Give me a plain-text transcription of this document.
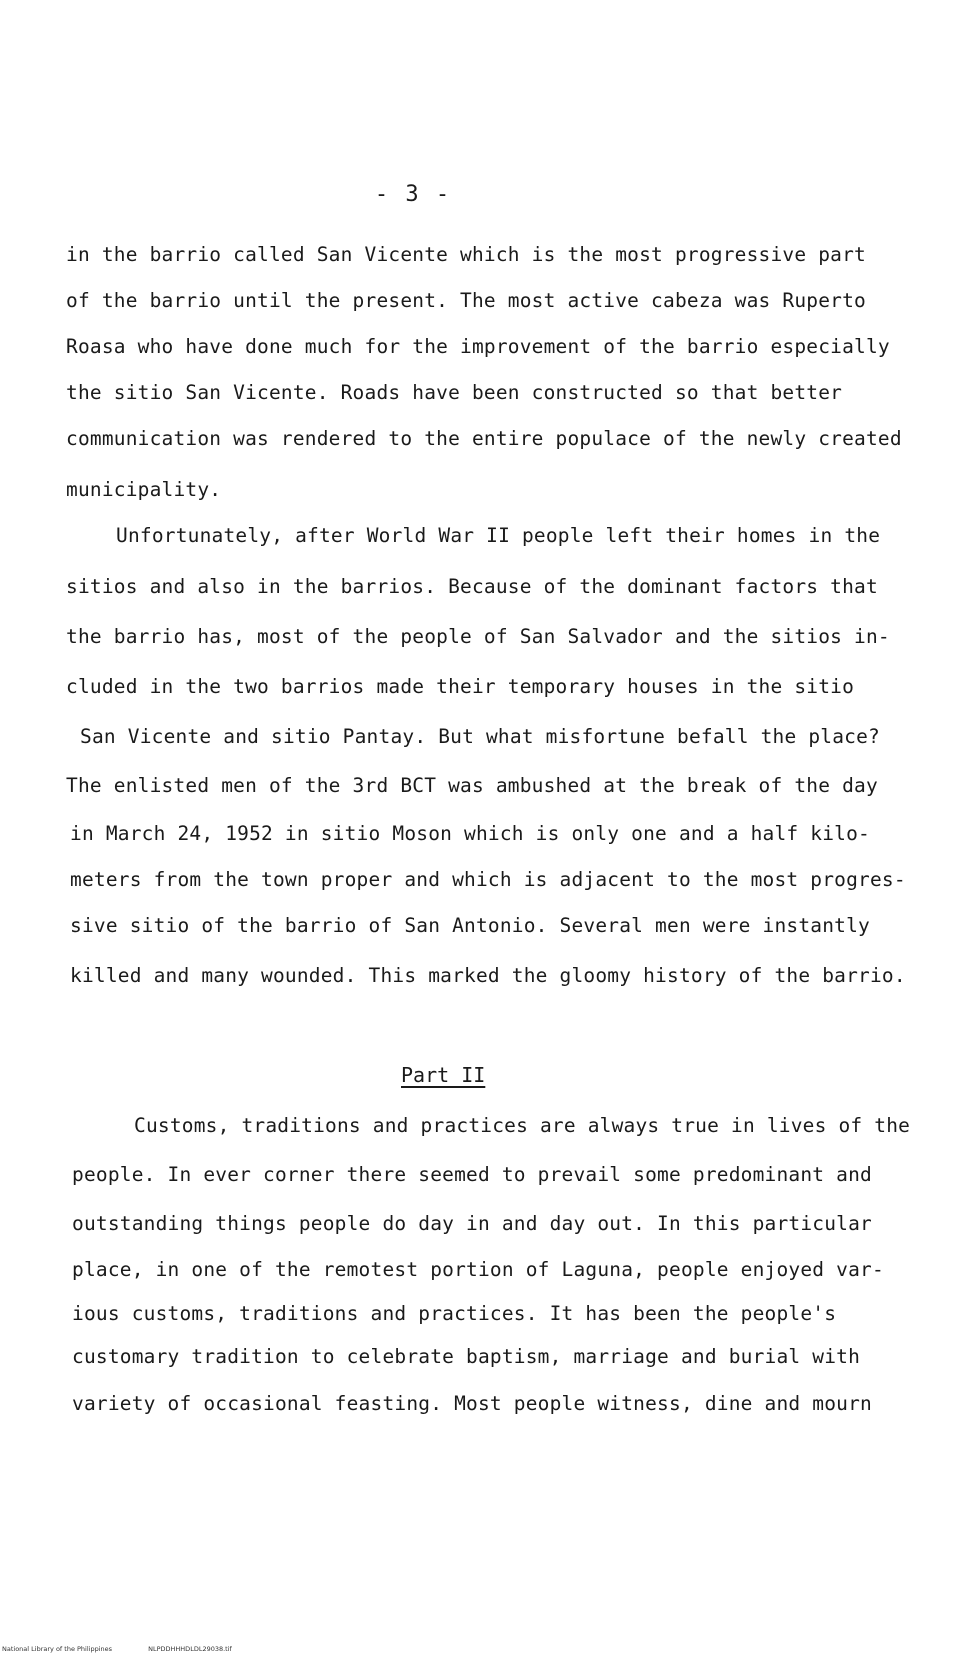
- 3 -
in the barrio called San Vicente which is the most progressive part
of the barrio until the present. The most active cabeza was Ruperto
Roasa who have done much for the improvement of the barrio especially
the sitio San Vicente. Roads have been constructed so that better
communication was rendered to the entire populace of the newly created
municipality.
Unfortunately, after World War II people left their homes in the
sitios and also in the barrios. Because of the dominant factors that
the barrio has, most of the people of San Salvador and the sitios in-
cluded in the two barrios made their temporary houses in the sitio
San Vicente and sitio Pantay. But what misfortune befall the place?
The enlisted men of the 3rd BCT was ambushed at the break of the day
in March 24, 1952 in sitio Moson which is only one and a half kilo-
meters from the town proper and which is adjacent to the most progres-
sive sitio of the barrio of San Antonio. Several men were instantly
killed and many wounded. This marked the gloomy history of the barrio.
Part II
Customs, traditions and practices are always true in lives of the
people. In ever corner there seemed to prevail some predominant and
outstanding things people do day in and day out. In this particular
place, in one of the remotest portion of Laguna, people enjoyed var-
ious customs, traditions and practices. It has been the people's
customary tradition to celebrate baptism, marriage and burial with
variety of occasional feasting. Most people witness, dine and mourn
National Library of the Philippines	NLPDDHHHDLDL29038.tif
